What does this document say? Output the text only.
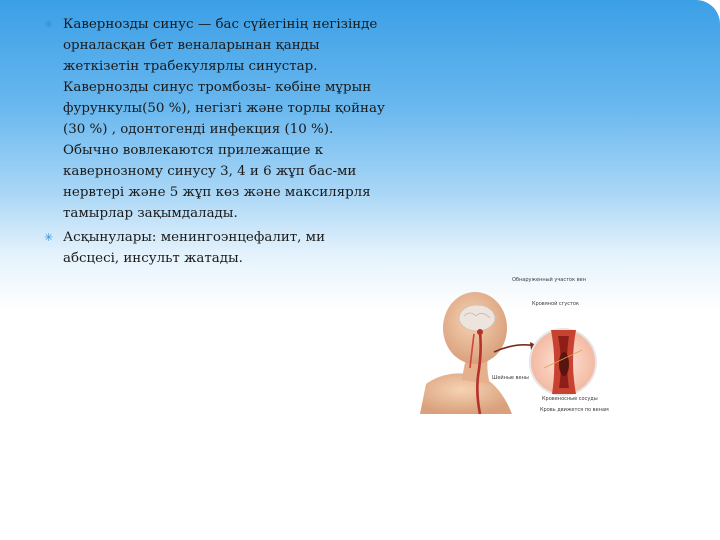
✳ Кавернозды синус — бас сүйегінің негізінде
орналасқан бет веналарынан қанды
жеткізетін трабекулярлы синустар.
Кавернозды синус тромбозы- көбіне мұрын
фурункулы(50 %), негізгі және торлы қойнау
(30 %) , одонтогенді инфекция (10 %).
Обычно вовлекаются прилежащие к
кавернозному синусу 3, 4 и 6 жұп бас-ми
нервтері және 5 жұп көз және максилярля
тамырлар зақымдалады.
✳ Асқынулары: менингоэнцефалит, ми
абсцесі, инсульт жатады.
Обнаруженный участок вен
Кровяной сгусток
Шейные вены
Кровеносные сосуды
Кровь движется по венам
